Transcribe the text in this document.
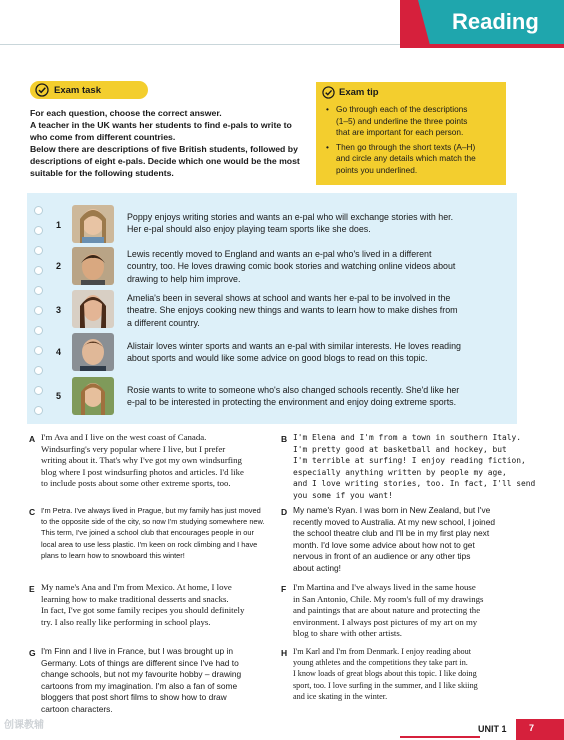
Reading
Exam task
For each question, choose the correct answer.
A teacher in the UK wants her students to find e-pals to write to
who come from different countries.
Below there are descriptions of five British students, followed by
descriptions of eight e-pals. Decide which one would be the most
suitable for the following students.
Exam tip
• Go through each of the descriptions
(1–5) and underline the three points
that are important for each person.
• Then go through the short texts (A–H)
and circle any details which match the
points you underlined.
1
Poppy enjoys writing stories and wants an e-pal who will exchange stories with her.
Her e-pal should also enjoy playing team sports like she does.
2
Lewis recently moved to England and wants an e-pal who's lived in a different
country, too. He loves drawing comic book stories and watching online videos about
drawing to help him improve.
3
Amelia's been in several shows at school and wants her e-pal to be involved in the
theatre. She enjoys cooking new things and wants to learn how to make dishes from
a different country.
4
Alistair loves winter sports and wants an e-pal with similar interests. He loves reading
about sports and would like some advice on good blogs to read on this topic.
5
Rosie wants to write to someone who's also changed schools recently. She'd like her
e-pal to be interested in protecting the environment and enjoy doing extreme sports.
A I'm Ava and I live on the west coast of Canada.
Windsurfing's very popular where I live, but I prefer
writing about it. That's why I've got my own windsurfing
blog where I post windsurfing photos and articles. I'd like
to include posts about some other extreme sports, too.
B I'm Elena and I'm from a town in southern Italy.
I'm pretty good at basketball and hockey, but
I'm terrible at surfing! I enjoy reading fiction,
especially anything written by people my age,
and I love writing stories, too. In fact, I'll send
you some if you want!
C I'm Petra. I've always lived in Prague, but my family has just moved
to the opposite side of the city, so now I'm studying somewhere new.
This term, I've joined a school club that encourages people in our
local area to use less plastic. I'm keen on rock climbing and I have
plans to learn how to snowboard this winter!
D My name's Ryan. I was born in New Zealand, but I've
recently moved to Australia. At my new school, I joined
the school theatre club and I'll be in my first play next
month. I'd love some advice about how not to get
nervous in front of an audience or any other tips
about acting!
E My name's Ana and I'm from Mexico. At home, I love
learning how to make traditional desserts and snacks.
In fact, I've got some family recipes you should definitely
try. I also really like performing in school plays.
F I'm Martina and I've always lived in the same house
in San Antonio, Chile. My room's full of my drawings
and paintings that are about nature and protecting the
environment. I always post pictures of my art on my
blog to share with other artists.
G I'm Finn and I live in France, but I was brought up in
Germany. Lots of things are different since I've had to
change schools, but not my favourite hobby – drawing
cartoons from my imagination. I'm also a fan of some
bloggers that post short films to show how to draw
cartoon characters.
H I'm Karl and I'm from Denmark. I enjoy reading about
young athletes and the competitions they take part in.
I know loads of great blogs about this topic. I like doing
sport, too. I love surfing in the summer, and I like skiing
and ice skating in the winter.
创课教辅	UNIT 1 7
